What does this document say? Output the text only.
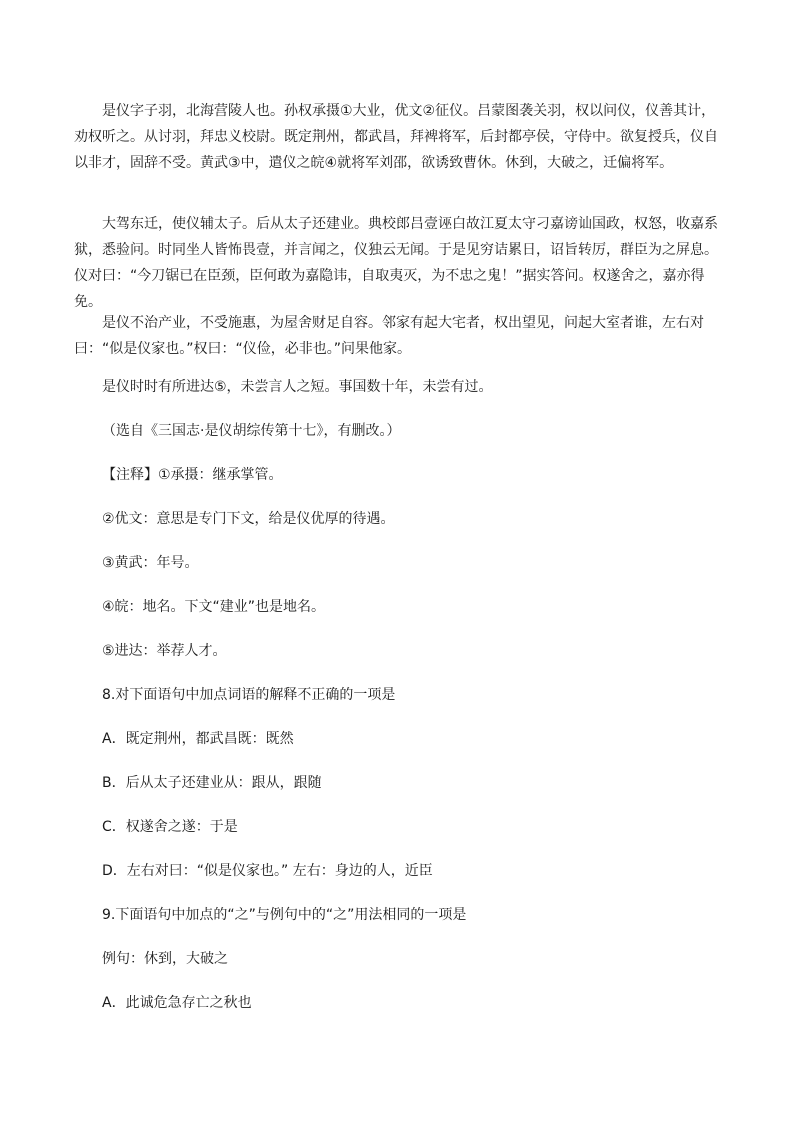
是仪字子羽，北海营陵人也。孙权承摄①大业，优文②征仪。吕蒙图袭关羽，权以问仪，仪善其计，劝权听之。从讨羽，拜忠义校尉。既定荆州，都武昌，拜裨将军，后封都亭侯，守侍中。欲复授兵，仪自以非才，固辞不受。黄武③中，遣仪之皖④就将军刘邵，欲诱致曹休。休到，大破之，迁偏将军。

大驾东迁，使仪辅太子。后从太子还建业。典校郎吕壹诬白故江夏太守刁嘉谤讪国政，权怒，收嘉系狱，悉验问。时同坐人皆怖畏壹，并言闻之，仪独云无闻。于是见穷诘累日，诏旨转厉，群臣为之屏息。仪对曰：“今刀锯已在臣颈，臣何敢为嘉隐讳，自取夷灭，为不忠之鬼！”据实答问。权遂舍之，嘉亦得免。

是仪不治产业，不受施惠，为屋舍财足自容。邻家有起大宅者，权出望见，问起大室者谁，左右对曰：“似是仪家也。”权曰：“仪俭，必非也。”问果他家。

是仪时时有所进达⑤，未尝言人之短。事国数十年，未尝有过。

（选自《三国志·是仪胡综传第十七》，有删改。）

【注释】①承摄：继承掌管。

②优文：意思是专门下文，给是仪优厚的待遇。

③黄武：年号。

④皖：地名。下文“建业”也是地名。

⑤进达：举荐人才。

8.对下面语句中加点词语的解释不正确的一项是

A．既定荆州，都武昌既：既然

B．后从太子还建业从：跟从，跟随

C．权遂舍之遂：于是

D．左右对曰：“似是仪家也。” 左右：身边的人，近臣

9.下面语句中加点的“之”与例句中的“之”用法相同的一项是

例句：休到，大破之

A．此诚危急存亡之秋也
